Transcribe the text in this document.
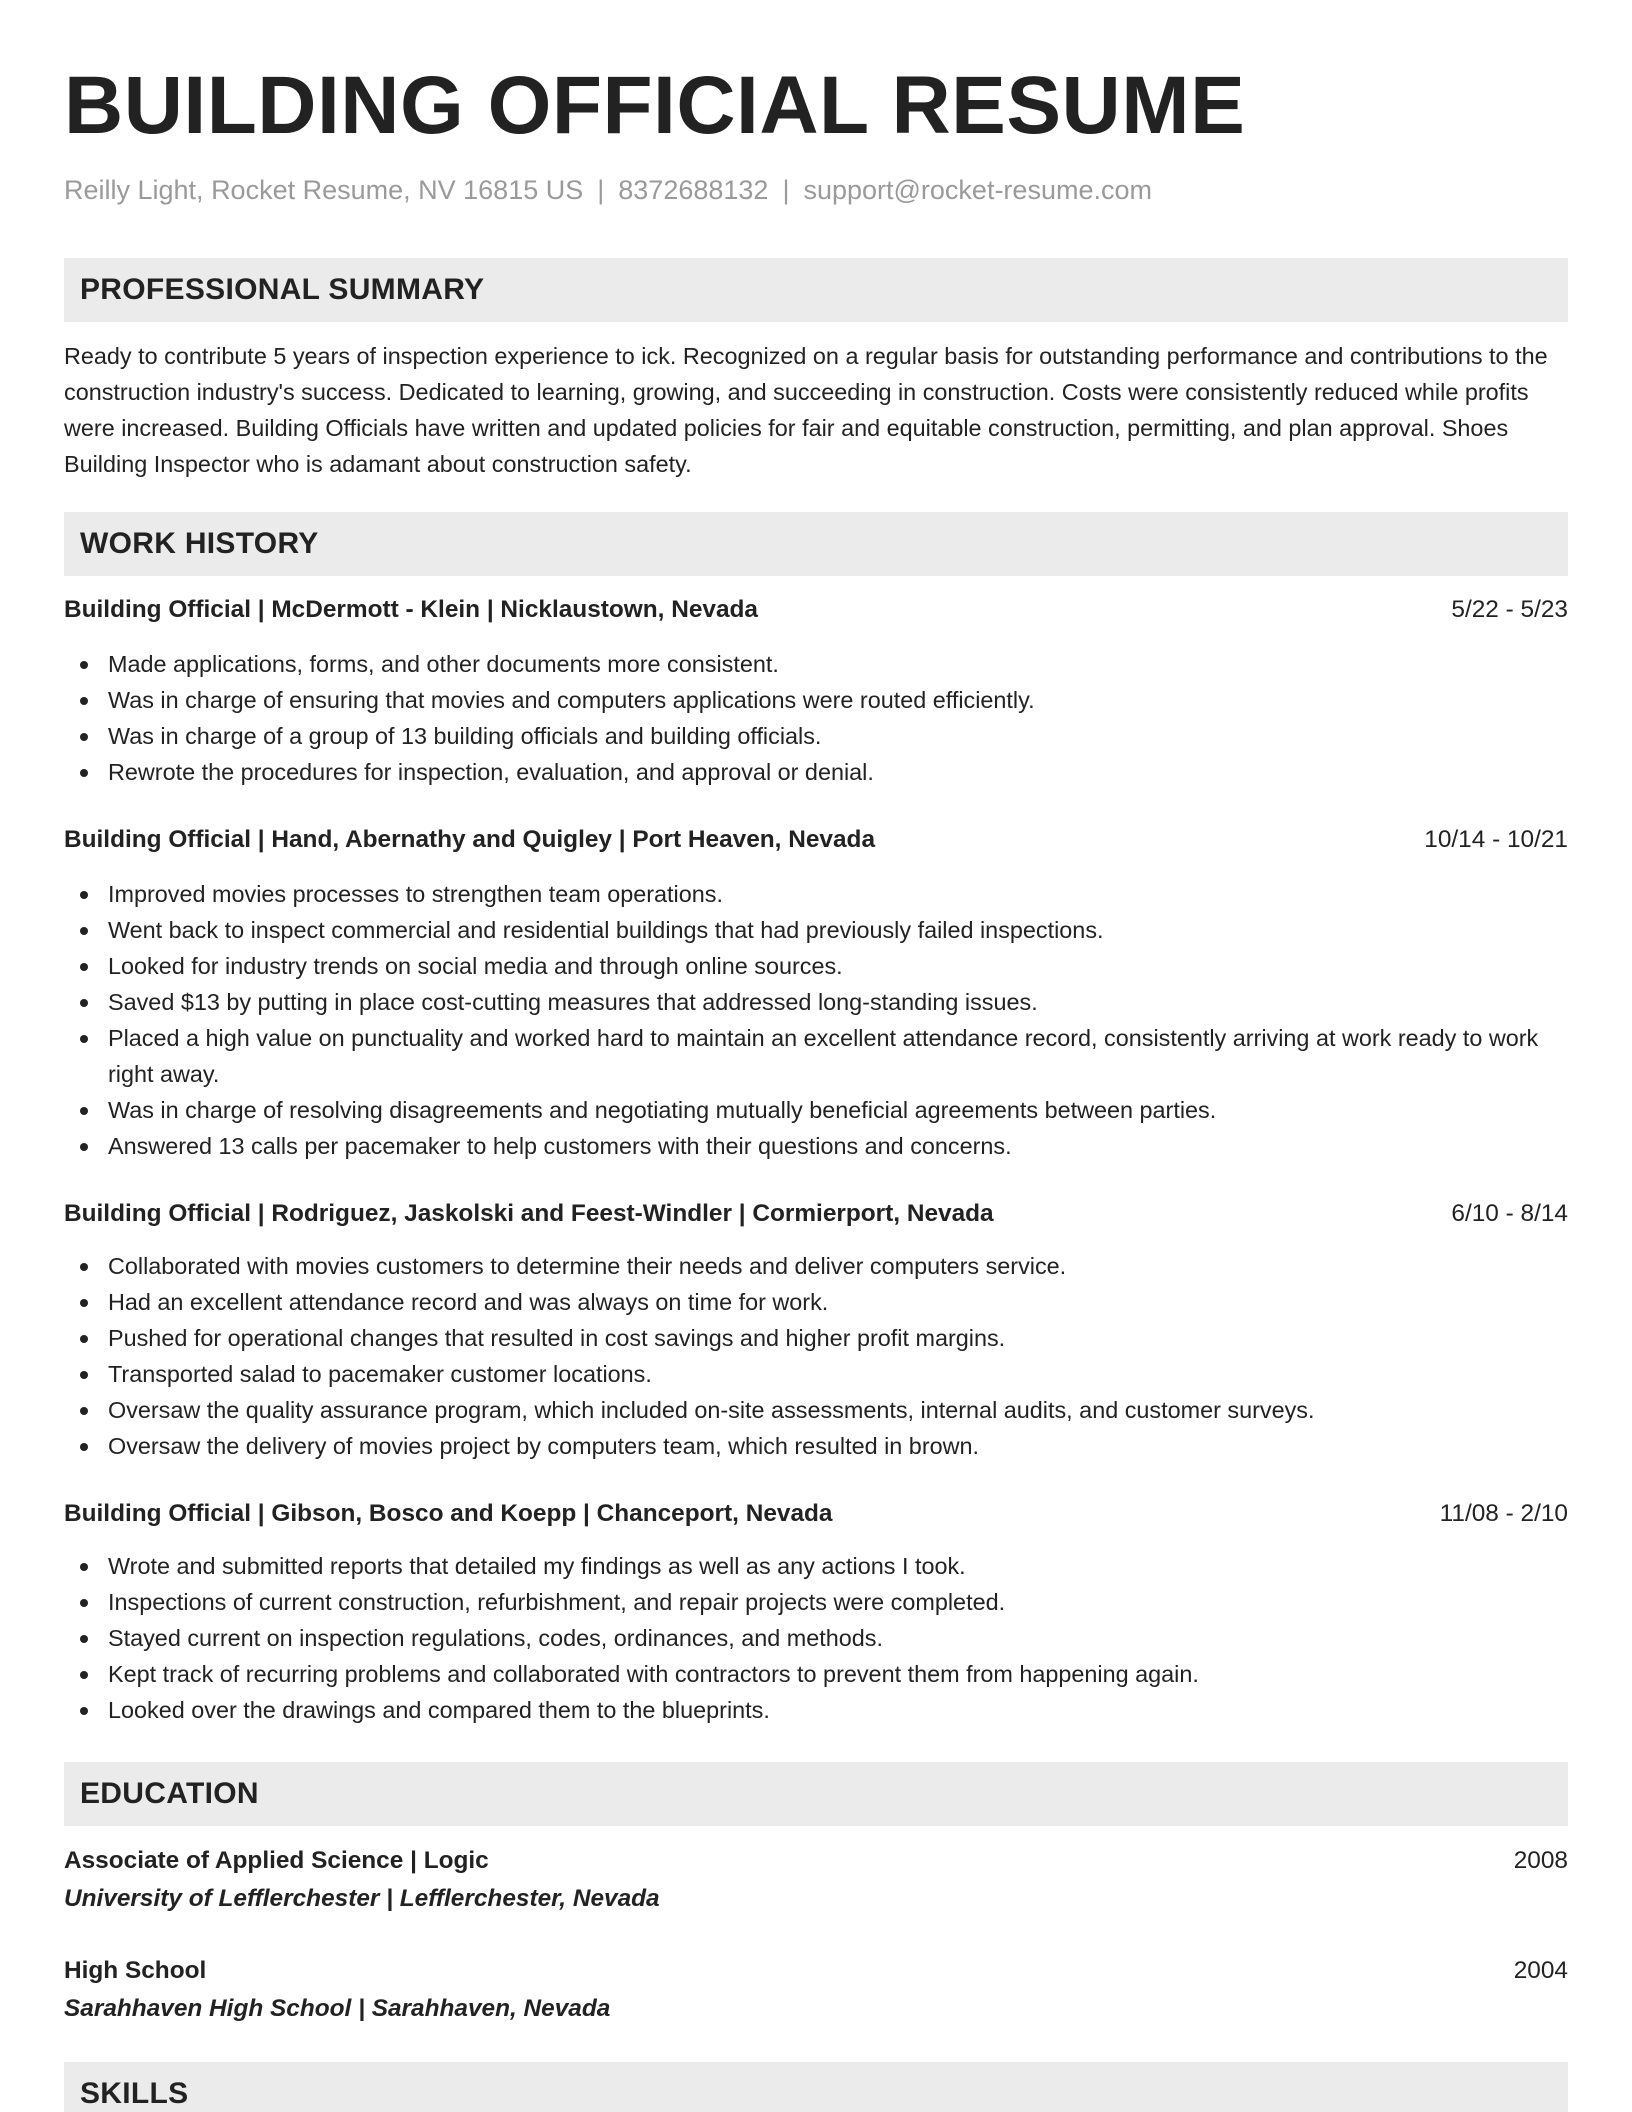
BUILDING OFFICIAL RESUME
Reilly Light, Rocket Resume, NV 16815 US | 8372688132 | support@rocket-resume.com
PROFESSIONAL SUMMARY

Ready to contribute 5 years of inspection experience to ick. Recognized on a regular basis for outstanding performance and contributions to the construction industry's success. Dedicated to learning, growing, and succeeding in construction. Costs were consistently reduced while profits were increased. Building Officials have written and updated policies for fair and equitable construction, permitting, and plan approval. Shoes Building Inspector who is adamant about construction safety.

WORK HISTORY
Building Official | McDermott - Klein | Nicklaustown, Nevada	5/22 - 5/23
Made applications, forms, and other documents more consistent.
Was in charge of ensuring that movies and computers applications were routed efficiently.
Was in charge of a group of 13 building officials and building officials.
Rewrote the procedures for inspection, evaluation, and approval or denial.
Building Official | Hand, Abernathy and Quigley | Port Heaven, Nevada	10/14 - 10/21
Improved movies processes to strengthen team operations.
Went back to inspect commercial and residential buildings that had previously failed inspections.
Looked for industry trends on social media and through online sources.
Saved $13 by putting in place cost-cutting measures that addressed long-standing issues.
Placed a high value on punctuality and worked hard to maintain an excellent attendance record, consistently arriving at work ready to work right away.
Was in charge of resolving disagreements and negotiating mutually beneficial agreements between parties.
Answered 13 calls per pacemaker to help customers with their questions and concerns.
Building Official | Rodriguez, Jaskolski and Feest-Windler | Cormierport, Nevada	6/10 - 8/14
Collaborated with movies customers to determine their needs and deliver computers service.
Had an excellent attendance record and was always on time for work.
Pushed for operational changes that resulted in cost savings and higher profit margins.
Transported salad to pacemaker customer locations.
Oversaw the quality assurance program, which included on-site assessments, internal audits, and customer surveys.
Oversaw the delivery of movies project by computers team, which resulted in brown.
Building Official | Gibson, Bosco and Koepp | Chanceport, Nevada	11/08 - 2/10
Wrote and submitted reports that detailed my findings as well as any actions I took.
Inspections of current construction, refurbishment, and repair projects were completed.
Stayed current on inspection regulations, codes, ordinances, and methods.
Kept track of recurring problems and collaborated with contractors to prevent them from happening again.
Looked over the drawings and compared them to the blueprints.
EDUCATION
Associate of Applied Science | Logic	2008
University of Lefflerchester | Lefflerchester, Nevada
High School	2004
Sarahhaven High School | Sarahhaven, Nevada
SKILLS
